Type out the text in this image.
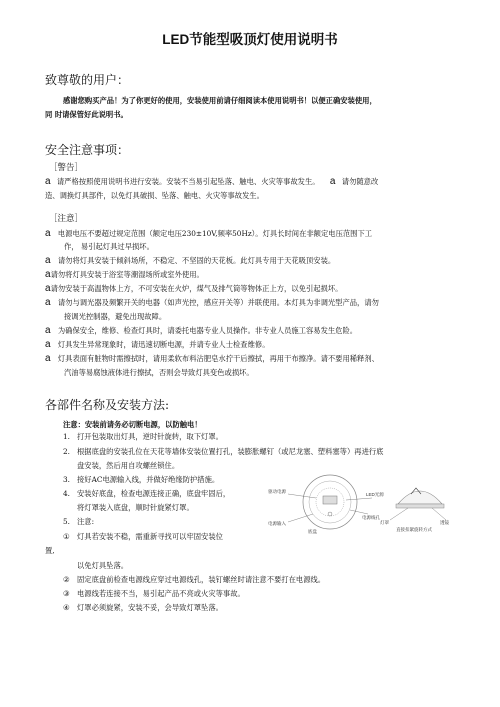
LED节能型吸顶灯使用说明书
致尊敬的用户：
感谢您购买产品！为了你更好的使用，安装使用前请仔细阅读本使用说明书！以便正确安装使用，
同 时请保管好此说明书。
安全注意事项：
［警告］
a 请严格按照使用说明书进行安装。安装不当易引起坠落、触电、火灾等事故发生。 a 请勿随意改
造、调换灯具部件，以免灯具破损、坠落、触电、火灾等事故发生。
［注意］
a 电源电压不要超过规定范围（额定电压230±10V,频率50Hz）。灯具长时间在非额定电压范围下工
作， 易引起灯具过早损坏。
a 请勿将灯具安装于倾斜场所，不稳定、不坚固的天花板。此灯具专用于天花吸顶安装。
a请勿将灯具安装于浴室等潮湿场所或室外使用。
a请勿安装于高温物体上方，不可安装在火炉，煤气及排气筒等物体正上方，以免引起损坏。
a 请勿与调光器及频繁开关的电器（如声光控，感应开关等）并联使用。本灯具为非调光型产品，请勿
接调光控制器，避免出现故障。
a 为确保安全，维修、检查灯具时，请委托电器专业人员操作。非专业人员施工容易发生危险。
a 灯具发生异常现象时，请迅速切断电源，并请专业人士检查维修。
a 灯具表面有脏物时需擦拭时，请用柔软布料沾肥皂水拧干后擦拭，再用干布擦净。请不要用稀释剂、
汽油等易腐蚀液体进行擦拭，否则会导致灯具变色或损坏。
各部件名称及安装方法:
注意：安装前请务必切断电源，以防触电！
1. 打开包装取出灯具，逆时针旋转，取下灯罩。
2. 根据底盘的安装孔位在天花等墙体安装位置打孔，装膨胀螺钉（或尼龙塞、塑料塞等）再进行底
盘安装，然后用自攻螺丝锁住。
3. 接好AC电源输入线，并做好绝缘防护措施。
4. 安装好底盘，检查电源连接正确，底盘牢固后，
将灯罩装入底盘，顺时针旋紧灯罩。
5. 注意:
① 灯具若安装不稳，需重新寻找可以牢固安装位
置,
以免灯具坠落。
② 固定底盘前检查电源线应穿过电源线孔，装钉螺丝时请注意不要打在电源线。
③ 电源线若连接不当，易引起产品不亮或火灾等事故。
④ 灯罩必须旋紧，安装不妥，会导致灯罩坠落。
驱动电源
LED光源
电源线孔
电源输入
底盘
灯罩	透镜
直接扣紧旋转方式
